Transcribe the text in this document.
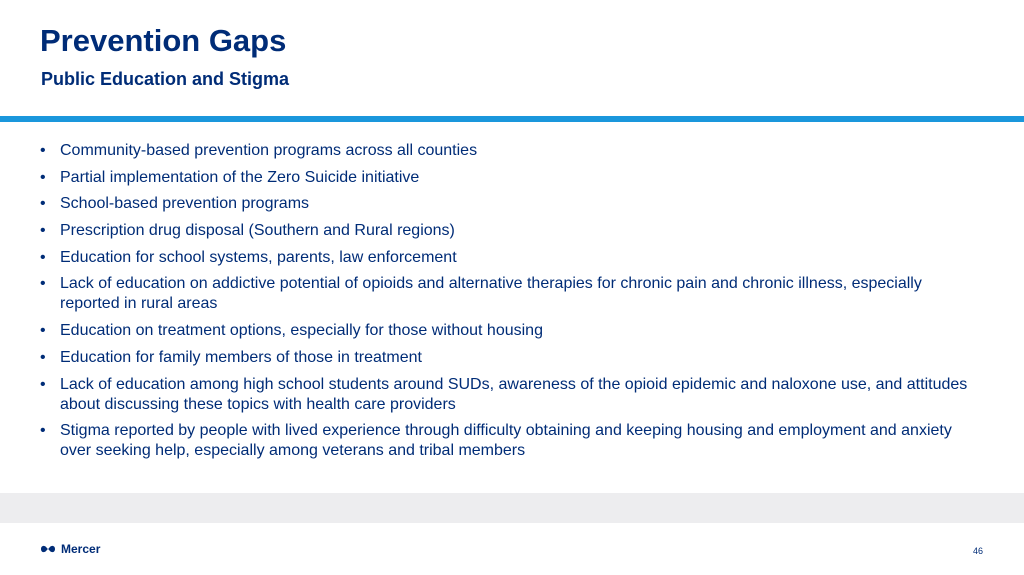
Prevention Gaps
Public Education and Stigma
• Community-based prevention programs across all counties
• Partial implementation of the Zero Suicide initiative
• School-based prevention programs
• Prescription drug disposal (Southern and Rural regions)
• Education for school systems, parents, law enforcement
• Lack of education on addictive potential of opioids and alternative therapies for chronic pain and chronic illness, especially reported in rural areas
• Education on treatment options, especially for those without housing
• Education for family members of those in treatment
• Lack of education among high school students around SUDs, awareness of the opioid epidemic and naloxone use, and attitudes about discussing these topics with health care providers
• Stigma reported by people with lived experience through difficulty obtaining and keeping housing and employment and anxiety over seeking help, especially among veterans and tribal members
Mercer	46
